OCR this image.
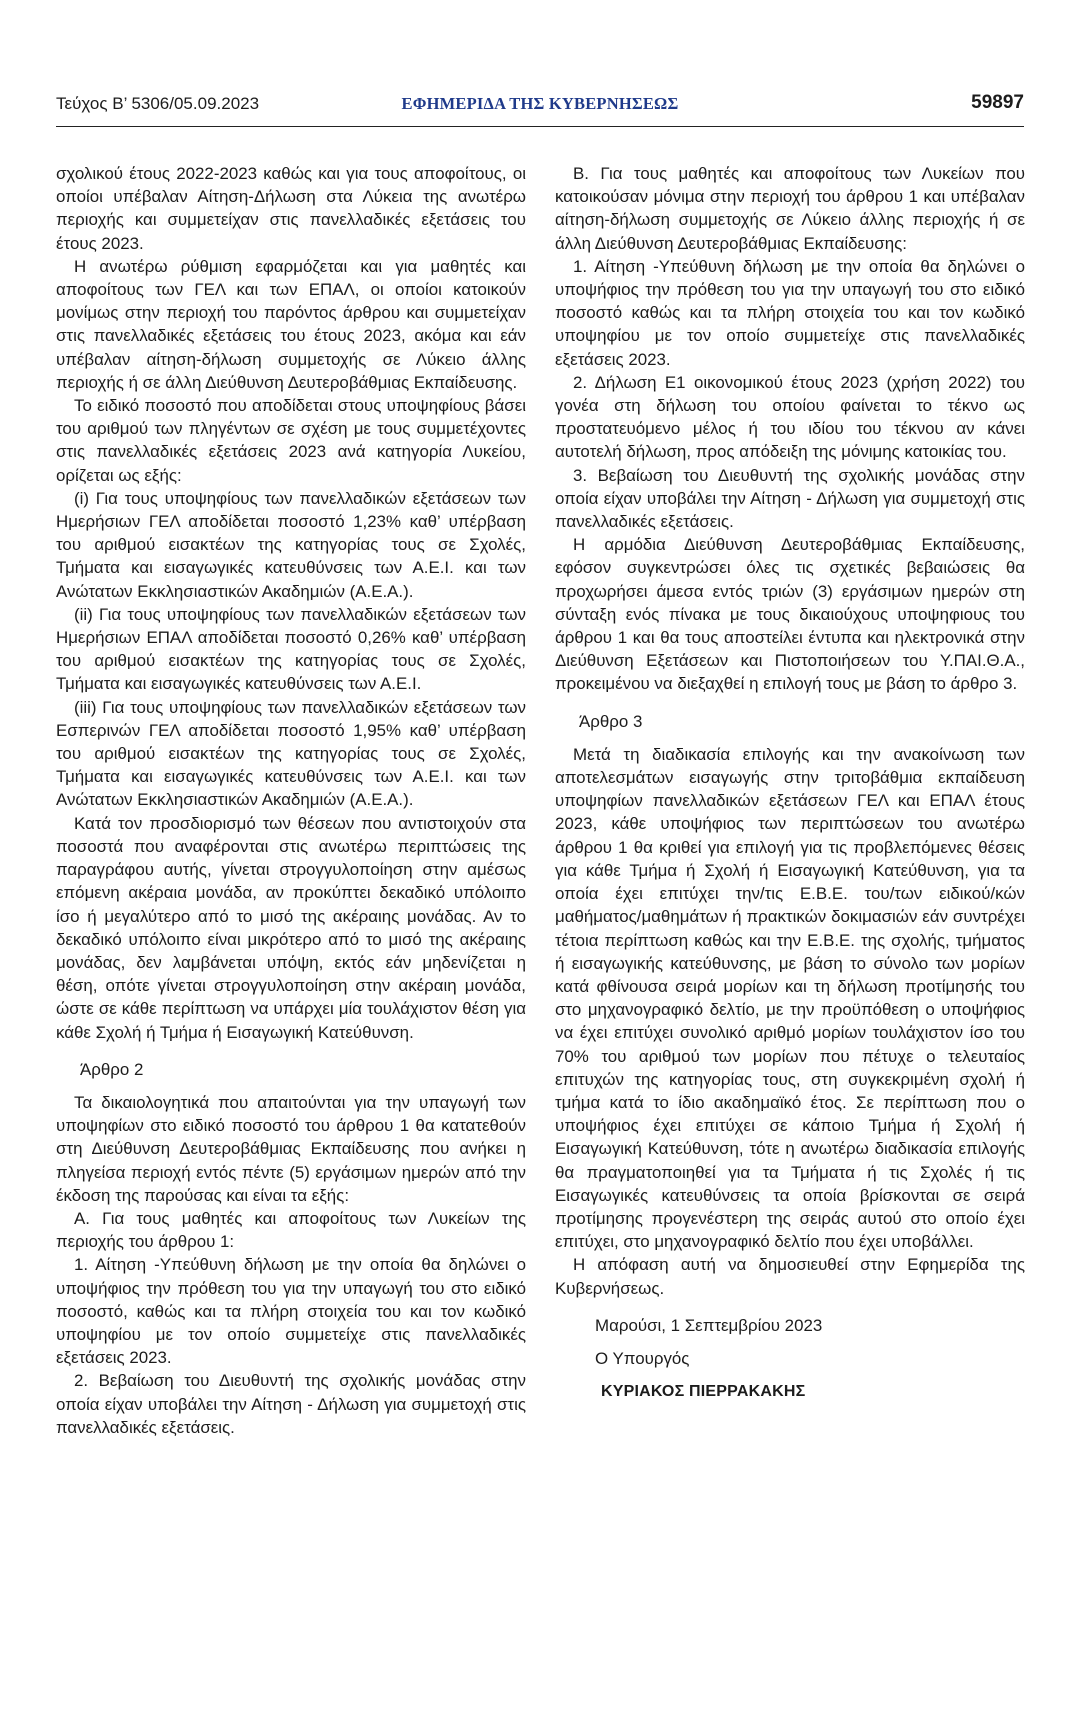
Τεύχος Β’ 5306/05.09.2023	ΕΦΗΜΕΡΙΔΑ ΤΗΣ ΚΥΒΕΡΝΗΣΕΩΣ	59897

σχολικού έτους 2022-2023 καθώς και για τους αποφοίτους, οι οποίοι υπέβαλαν Αίτηση-Δήλωση στα Λύκεια της ανωτέρω περιοχής και συμμετείχαν στις πανελλαδικές εξετάσεις του έτους 2023.

Η ανωτέρω ρύθμιση εφαρμόζεται και για μαθητές και αποφοίτους των ΓΕΛ και των ΕΠΑΛ, οι οποίοι κατοικούν μονίμως στην περιοχή του παρόντος άρθρου και συμμετείχαν στις πανελλαδικές εξετάσεις του έτους 2023, ακόμα και εάν υπέβαλαν αίτηση-δήλωση συμμετοχής σε Λύκειο άλλης περιοχής ή σε άλλη Διεύθυνση Δευτεροβάθμιας Εκπαίδευσης.

Το ειδικό ποσοστό που αποδίδεται στους υποψηφίους βάσει του αριθμού των πληγέντων σε σχέση με τους συμμετέχοντες στις πανελλαδικές εξετάσεις 2023 ανά κατηγορία Λυκείου, ορίζεται ως εξής:

(i) Για τους υποψηφίους των πανελλαδικών εξετάσεων των Ημερήσιων ΓΕΛ αποδίδεται ποσοστό 1,23% καθ’ υπέρβαση του αριθμού εισακτέων της κατηγορίας τους σε Σχολές, Τμήματα και εισαγωγικές κατευθύνσεις των Α.Ε.Ι. και των Ανώτατων Εκκλησιαστικών Ακαδημιών (Α.Ε.Α.).

(ii) Για τους υποψηφίους των πανελλαδικών εξετάσεων των Ημερήσιων ΕΠΑΛ αποδίδεται ποσοστό 0,26% καθ’ υπέρβαση του αριθμού εισακτέων της κατηγορίας τους σε Σχολές, Τμήματα και εισαγωγικές κατευθύνσεις των Α.Ε.Ι.

(iii) Για τους υποψηφίους των πανελλαδικών εξετάσεων των Εσπερινών ΓΕΛ αποδίδεται ποσοστό 1,95% καθ’ υπέρβαση του αριθμού εισακτέων της κατηγορίας τους σε Σχολές, Τμήματα και εισαγωγικές κατευθύνσεις των Α.Ε.Ι. και των Ανώτατων Εκκλησιαστικών Ακαδημιών (Α.Ε.Α.).

Κατά τον προσδιορισμό των θέσεων που αντιστοιχούν στα ποσοστά που αναφέρονται στις ανωτέρω περιπτώσεις της παραγράφου αυτής, γίνεται στρογγυλοποίηση στην αμέσως επόμενη ακέραια μονάδα, αν προκύπτει δεκαδικό υπόλοιπο ίσο ή μεγαλύτερο από το μισό της ακέραιης μονάδας. Αν το δεκαδικό υπόλοιπο είναι μικρότερο από το μισό της ακέραιης μονάδας, δεν λαμβάνεται υπόψη, εκτός εάν μηδενίζεται η θέση, οπότε γίνεται στρογγυλοποίηση στην ακέραιη μονάδα, ώστε σε κάθε περίπτωση να υπάρχει μία τουλάχιστον θέση για κάθε Σχολή ή Τμήμα ή Εισαγωγική Κατεύθυνση.

Άρθρο 2

Τα δικαιολογητικά που απαιτούνται για την υπαγωγή των υποψηφίων στο ειδικό ποσοστό του άρθρου 1 θα κατατεθούν στη Διεύθυνση Δευτεροβάθμιας Εκπαίδευσης που ανήκει η πληγείσα περιοχή εντός πέντε (5) εργάσιμων ημερών από την έκδοση της παρούσας και είναι τα εξής:

Α. Για τους μαθητές και αποφοίτους των Λυκείων της περιοχής του άρθρου 1:

1. Αίτηση -Υπεύθυνη δήλωση με την οποία θα δηλώνει ο υποψήφιος την πρόθεση του για την υπαγωγή του στο ειδικό ποσοστό, καθώς και τα πλήρη στοιχεία του και τον κωδικό υποψηφίου με τον οποίο συμμετείχε στις πανελλαδικές εξετάσεις 2023.

2. Βεβαίωση του Διευθυντή της σχολικής μονάδας στην οποία είχαν υποβάλει την Αίτηση - Δήλωση για συμμετοχή στις πανελλαδικές εξετάσεις.

Β. Για τους μαθητές και αποφοίτους των Λυκείων που κατοικούσαν μόνιμα στην περιοχή του άρθρου 1 και υπέβαλαν αίτηση-δήλωση συμμετοχής σε Λύκειο άλλης περιοχής ή σε άλλη Διεύθυνση Δευτεροβάθμιας Εκπαίδευσης:

1. Αίτηση -Υπεύθυνη δήλωση με την οποία θα δηλώνει ο υποψήφιος την πρόθεση του για την υπαγωγή του στο ειδικό ποσοστό καθώς και τα πλήρη στοιχεία του και τον κωδικό υποψηφίου με τον οποίο συμμετείχε στις πανελλαδικές εξετάσεις 2023.

2. Δήλωση Ε1 οικονομικού έτους 2023 (χρήση 2022) του γονέα στη δήλωση του οποίου φαίνεται το τέκνο ως προστατευόμενο μέλος ή του ιδίου του τέκνου αν κάνει αυτοτελή δήλωση, προς απόδειξη της μόνιμης κατοικίας του.

3. Βεβαίωση του Διευθυντή της σχολικής μονάδας στην οποία είχαν υποβάλει την Αίτηση - Δήλωση για συμμετοχή στις πανελλαδικές εξετάσεις.

Η αρμόδια Διεύθυνση Δευτεροβάθμιας Εκπαίδευσης, εφόσον συγκεντρώσει όλες τις σχετικές βεβαιώσεις θα προχωρήσει άμεσα εντός τριών (3) εργάσιμων ημερών στη σύνταξη ενός πίνακα με τους δικαιούχους υποψηφιους του άρθρου 1 και θα τους αποστείλει έντυπα και ηλεκτρονικά στην Διεύθυνση Εξετάσεων και Πιστοποιήσεων του Υ.ΠΑΙ.Θ.Α., προκειμένου να διεξαχθεί η επιλογή τους με βάση το άρθρο 3.

Άρθρο 3

Μετά τη διαδικασία επιλογής και την ανακοίνωση των αποτελεσμάτων εισαγωγής στην τριτοβάθμια εκπαίδευση υποψηφίων πανελλαδικών εξετάσεων ΓΕΛ και ΕΠΑΛ έτους 2023, κάθε υποψήφιος των περιπτώσεων του ανωτέρω άρθρου 1 θα κριθεί για επιλογή για τις προβλεπόμενες θέσεις για κάθε Τμήμα ή Σχολή ή Εισαγωγική Κατεύθυνση, για τα οποία έχει επιτύχει την/τις Ε.Β.Ε. του/των ειδικού/κών μαθήματος/μαθημάτων ή πρακτικών δοκιμασιών εάν συντρέχει τέτοια περίπτωση καθώς και την Ε.Β.Ε. της σχολής, τμήματος ή εισαγωγικής κατεύθυνσης, με βάση το σύνολο των μορίων κατά φθίνουσα σειρά μορίων και τη δήλωση προτίμησής του στο μηχανογραφικό δελτίο, με την προϋπόθεση ο υποψήφιος να έχει επιτύχει συνολικό αριθμό μορίων τουλάχιστον ίσο του 70% του αριθμού των μορίων που πέτυχε ο τελευταίος επιτυχών της κατηγορίας τους, στη συγκεκριμένη σχολή ή τμήμα κατά το ίδιο ακαδημαϊκό έτος. Σε περίπτωση που ο υποψήφιος έχει επιτύχει σε κάποιο Τμήμα ή Σχολή ή Εισαγωγική Κατεύθυνση, τότε η ανωτέρω διαδικασία επιλογής θα πραγματοποιηθεί για τα Τμήματα ή τις Σχολές ή τις Εισαγωγικές κατευθύνσεις τα οποία βρίσκονται σε σειρά προτίμησης προγενέστερη της σειράς αυτού στο οποίο έχει επιτύχει, στο μηχανογραφικό δελτίο που έχει υποβάλλει.

Η απόφαση αυτή να δημοσιευθεί στην Εφημερίδα της Κυβερνήσεως.

Μαρούσι, 1 Σεπτεμβρίου 2023

Ο Υπουργός

ΚΥΡΙΑΚΟΣ ΠΙΕΡΡΑΚΑΚΗΣ
